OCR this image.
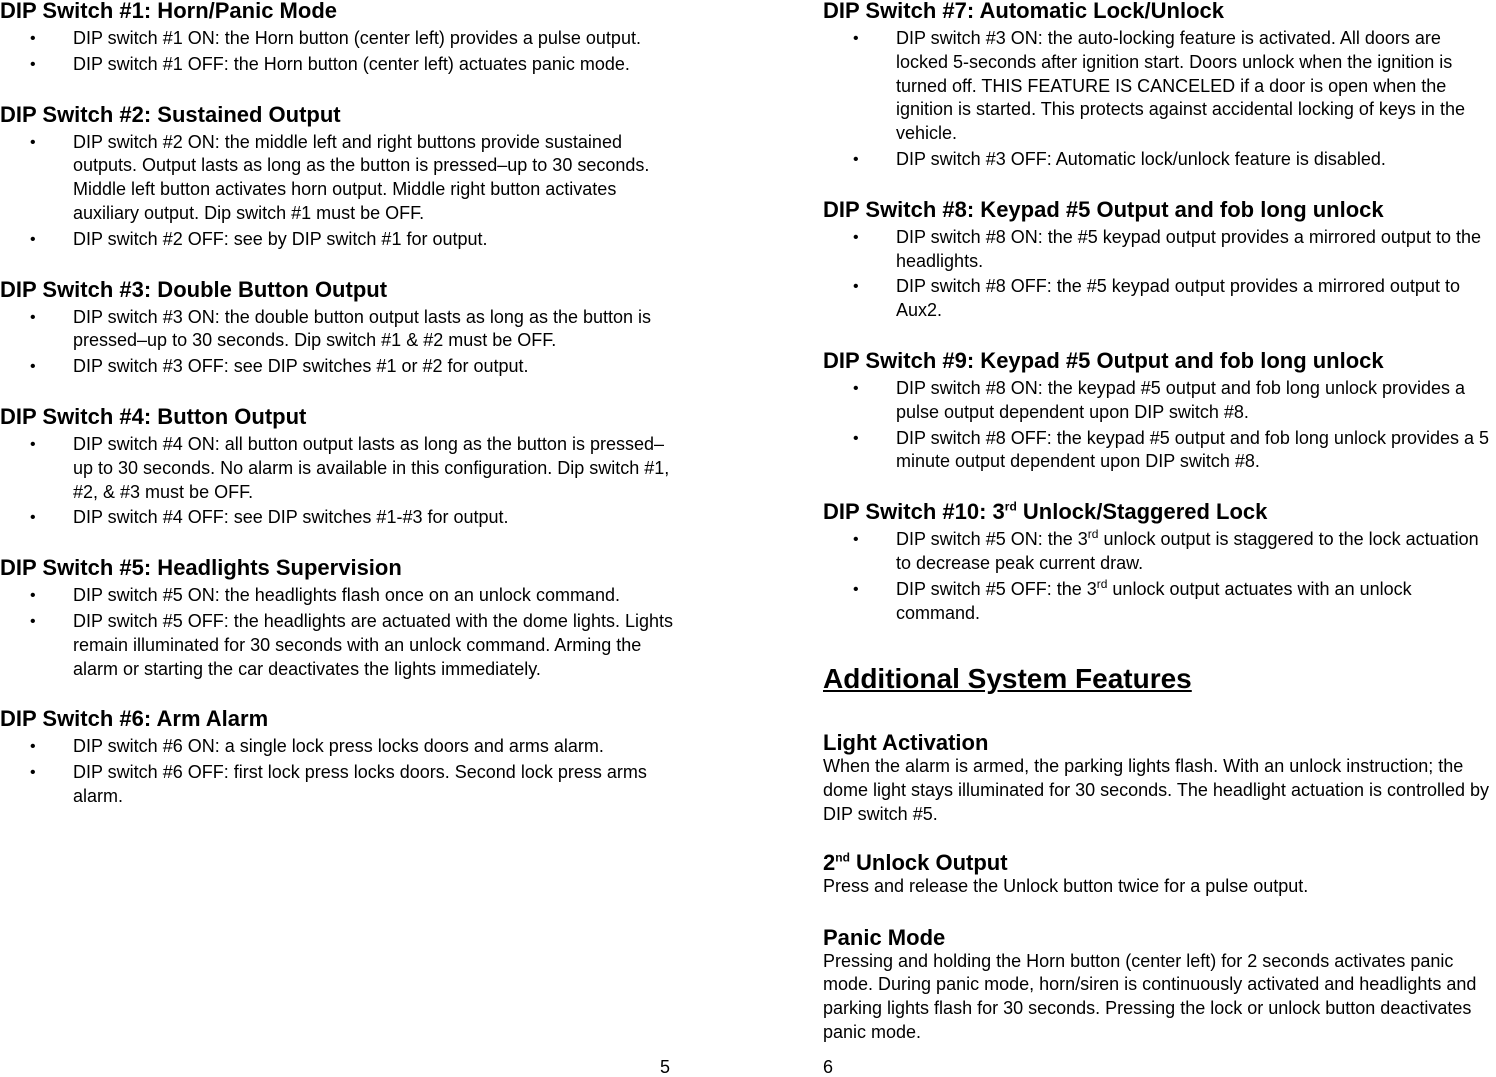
DIP Switch #1: Horn/Panic Mode
• DIP switch #1 ON: the Horn button (center left) provides a pulse output.
• DIP switch #1 OFF: the Horn button (center left) actuates panic mode.
DIP Switch #2: Sustained Output
• DIP switch #2 ON: the middle left and right buttons provide sustained outputs. Output lasts as long as the button is pressed–up to 30 seconds. Middle left button activates horn output. Middle right button activates auxiliary output. Dip switch #1 must be OFF.
• DIP switch #2 OFF: see by DIP switch #1 for output.
DIP Switch #3: Double Button Output
• DIP switch #3 ON: the double button output lasts as long as the button is pressed–up to 30 seconds. Dip switch #1 & #2 must be OFF.
• DIP switch #3 OFF: see DIP switches #1 or #2 for output.
DIP Switch #4: Button Output
• DIP switch #4 ON: all button output lasts as long as the button is pressed–up to 30 seconds. No alarm is available in this configuration. Dip switch #1, #2, & #3 must be OFF.
• DIP switch #4 OFF: see DIP switches #1-#3 for output.
DIP Switch #5: Headlights Supervision
• DIP switch #5 ON: the headlights flash once on an unlock command.
• DIP switch #5 OFF: the headlights are actuated with the dome lights. Lights remain illuminated for 30 seconds with an unlock command. Arming the alarm or starting the car deactivates the lights immediately.
DIP Switch #6: Arm Alarm
• DIP switch #6 ON: a single lock press locks doors and arms alarm.
• DIP switch #6 OFF: first lock press locks doors. Second lock press arms alarm.
5
DIP Switch #7: Automatic Lock/Unlock
• DIP switch #3 ON: the auto-locking feature is activated. All doors are locked 5-seconds after ignition start. Doors unlock when the ignition is turned off. THIS FEATURE IS CANCELED if a door is open when the ignition is started. This protects against accidental locking of keys in the vehicle.
• DIP switch #3 OFF: Automatic lock/unlock feature is disabled.
DIP Switch #8: Keypad #5 Output and fob long unlock
• DIP switch #8 ON: the #5 keypad output provides a mirrored output to the headlights.
• DIP switch #8 OFF: the #5 keypad output provides a mirrored output to Aux2.
DIP Switch #9: Keypad #5 Output and fob long unlock
• DIP switch #8 ON: the keypad #5 output and fob long unlock provides a pulse output dependent upon DIP switch #8.
• DIP switch #8 OFF: the keypad #5 output and fob long unlock provides a 5 minute output dependent upon DIP switch #8.
DIP Switch #10: 3rd Unlock/Staggered Lock
• DIP switch #5 ON: the 3rd unlock output is staggered to the lock actuation to decrease peak current draw.
• DIP switch #5 OFF: the 3rd unlock output actuates with an unlock command.
Additional System Features
Light Activation

When the alarm is armed, the parking lights flash. With an unlock instruction; the dome light stays illuminated for 30 seconds. The headlight actuation is controlled by DIP switch #5.

2nd Unlock Output

Press and release the Unlock button twice for a pulse output.

Panic Mode

Pressing and holding the Horn button (center left) for 2 seconds activates panic mode. During panic mode, horn/siren is continuously activated and headlights and parking lights flash for 30 seconds. Pressing the lock or unlock button deactivates panic mode.

6
